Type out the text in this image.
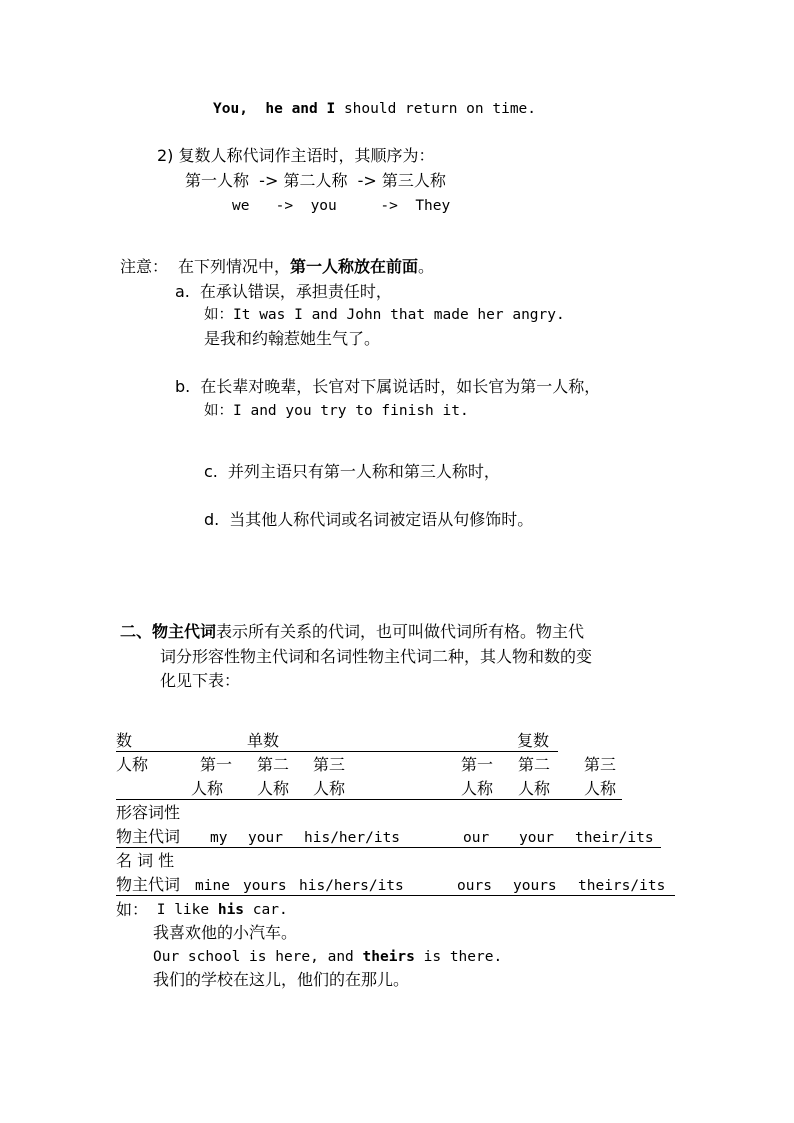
You,  he and I should return on time.
2) 复数人称代词作主语时，其顺序为：
第一人称  -> 第二人称  -> 第三人称
we   ->  you     ->  They
注意： 在下列情况中，第一人称放在前面。
a. 在承认错误，承担责任时，
如：It was I and John that made her angry.
是我和约翰惹她生气了。
b. 在长辈对晚辈，长官对下属说话时，如长官为第一人称，
如：I and you try to finish it.
c. 并列主语只有第一人称和第三人称时，
d. 当其他人称代词或名词被定语从句修饰时。
二、物主代词表示所有关系的代词，也可叫做代词所有格。物主代
词分形容性物主代词和名词性物主代词二种，其人物和数的变
化见下表：
数	单数	复数
人称	第一 第二 第三	第一 第二 第三
人称 人称 人称	人称 人称 人称
形容词性
物主代词 my your his/her/its	our your their/its
名 词 性
物主代词 mine yours his/hers/its	ours yours theirs/its
如： I like his car.
我喜欢他的小汽车。
Our school is here, and theirs is there.
我们的学校在这儿，他们的在那儿。
